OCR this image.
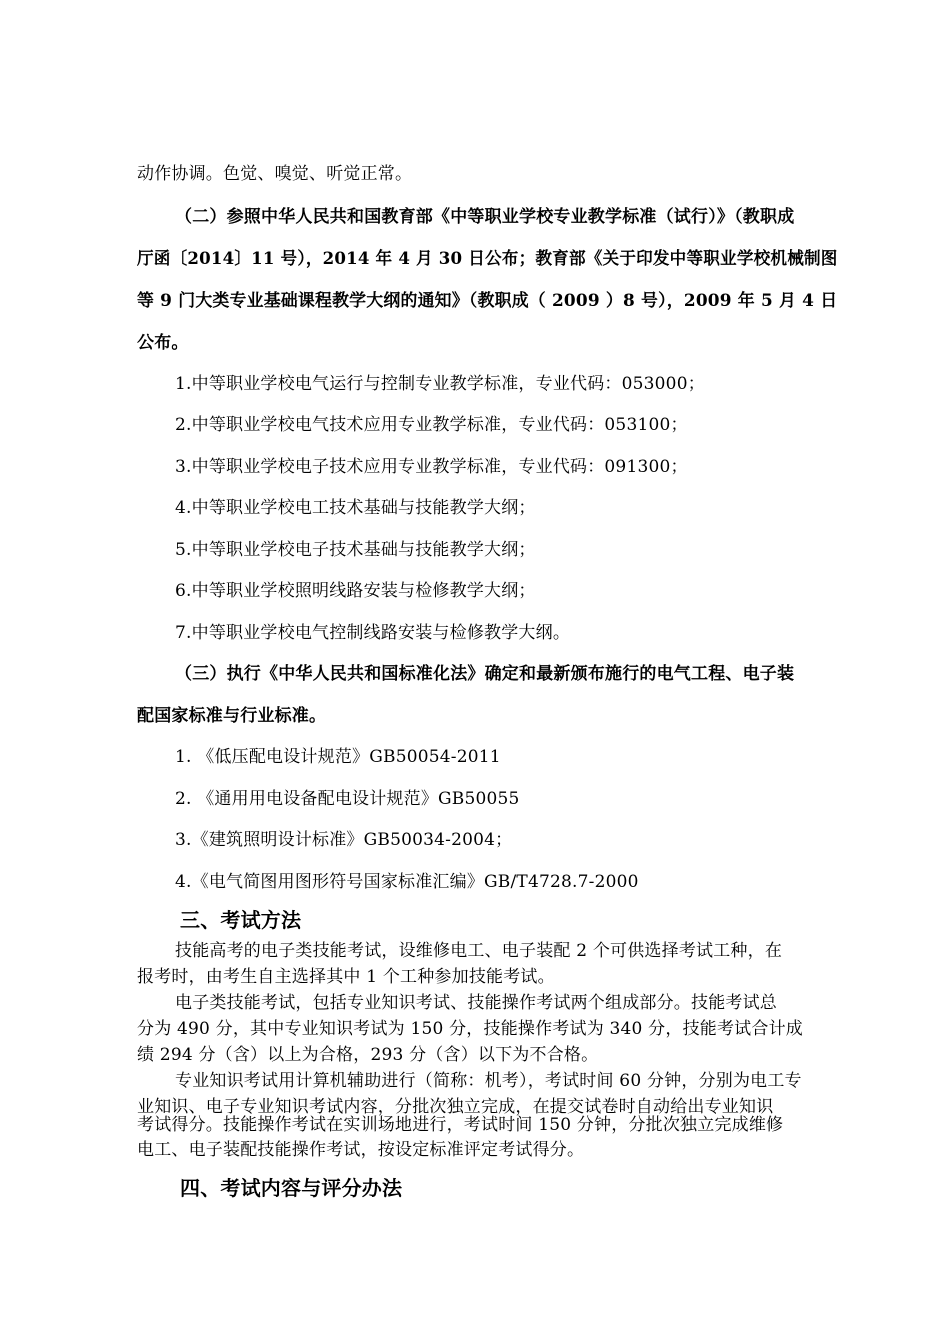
动作协调。色觉、嗅觉、听觉正常。
（二）参照中华人民共和国教育部《中等职业学校专业教学标准（试行）》（教职成
厅函〔2014〕11 号），2014 年 4 月 30 日公布；教育部《关于印发中等职业学校机械制图
等 9 门大类专业基础课程教学大纲的通知》（教职成（ 2009 ）8 号），2009 年 5 月 4 日
公布。
1.中等职业学校电气运行与控制专业教学标准，专业代码：053000；
2.中等职业学校电气技术应用专业教学标准，专业代码：053100；
3.中等职业学校电子技术应用专业教学标准，专业代码：091300；
4.中等职业学校电工技术基础与技能教学大纲；
5.中等职业学校电子技术基础与技能教学大纲；
6.中等职业学校照明线路安装与检修教学大纲；
7.中等职业学校电气控制线路安装与检修教学大纲。
（三）执行《中华人民共和国标准化法》确定和最新颁布施行的电气工程、电子装
配国家标准与行业标准。
1. 《低压配电设计规范》GB50054-2011
2. 《通用用电设备配电设计规范》GB50055
3.《建筑照明设计标准》GB50034-2004；
4.《电气简图用图形符号国家标准汇编》GB/T4728.7-2000
三、考试方法
技能高考的电子类技能考试，设维修电工、电子装配 2 个可供选择考试工种，在
报考时，由考生自主选择其中 1 个工种参加技能考试。
电子类技能考试，包括专业知识考试、技能操作考试两个组成部分。技能考试总
分为 490 分，其中专业知识考试为 150 分，技能操作考试为 340 分，技能考试合计成
绩 294 分（含）以上为合格，293 分（含）以下为不合格。
专业知识考试用计算机辅助进行（简称：机考），考试时间 60 分钟，分别为电工专
业知识、电子专业知识考试内容，分批次独立完成，在提交试卷时自动给出专业知识
考试得分。技能操作考试在实训场地进行，考试时间 150 分钟，分批次独立完成维修
电工、电子装配技能操作考试，按设定标准评定考试得分。
四、考试内容与评分办法
